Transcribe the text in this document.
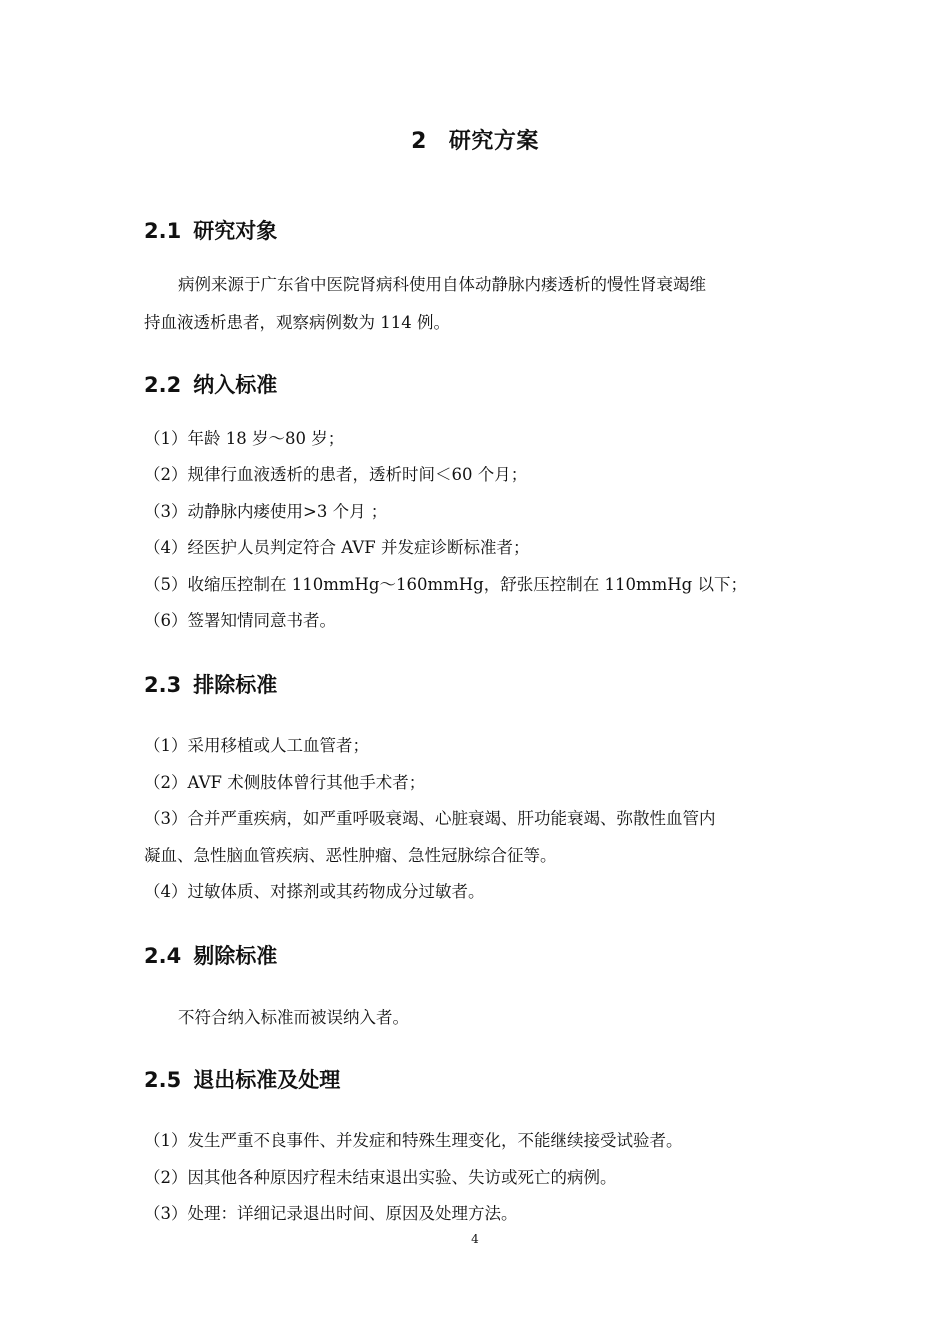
2 研究方案
2.1 研究对象
病例来源于广东省中医院肾病科使用自体动静脉内瘘透析的慢性肾衰竭维
持血液透析患者，观察病例数为 114 例。
2.2 纳入标准
（1）年龄 18 岁～80 岁；
（2）规律行血液透析的患者，透析时间＜60 个月；
（3）动静脉内瘘使用>3 个月 ；
（4）经医护人员判定符合 AVF 并发症诊断标准者；
（5）收缩压控制在 110mmHg～160mmHg，舒张压控制在 110mmHg 以下；
（6）签署知情同意书者。
2.3 排除标准
（1）采用移植或人工血管者；
（2）AVF 术侧肢体曾行其他手术者；
（3）合并严重疾病，如严重呼吸衰竭、心脏衰竭、肝功能衰竭、弥散性血管内
凝血、急性脑血管疾病、恶性肿瘤、急性冠脉综合征等。
（4）过敏体质、对搽剂或其药物成分过敏者。
2.4 剔除标准
不符合纳入标准而被误纳入者。
2.5 退出标准及处理
（1）发生严重不良事件、并发症和特殊生理变化，不能继续接受试验者。
（2）因其他各种原因疗程未结束退出实验、失访或死亡的病例。
（3）处理：详细记录退出时间、原因及处理方法。
4
